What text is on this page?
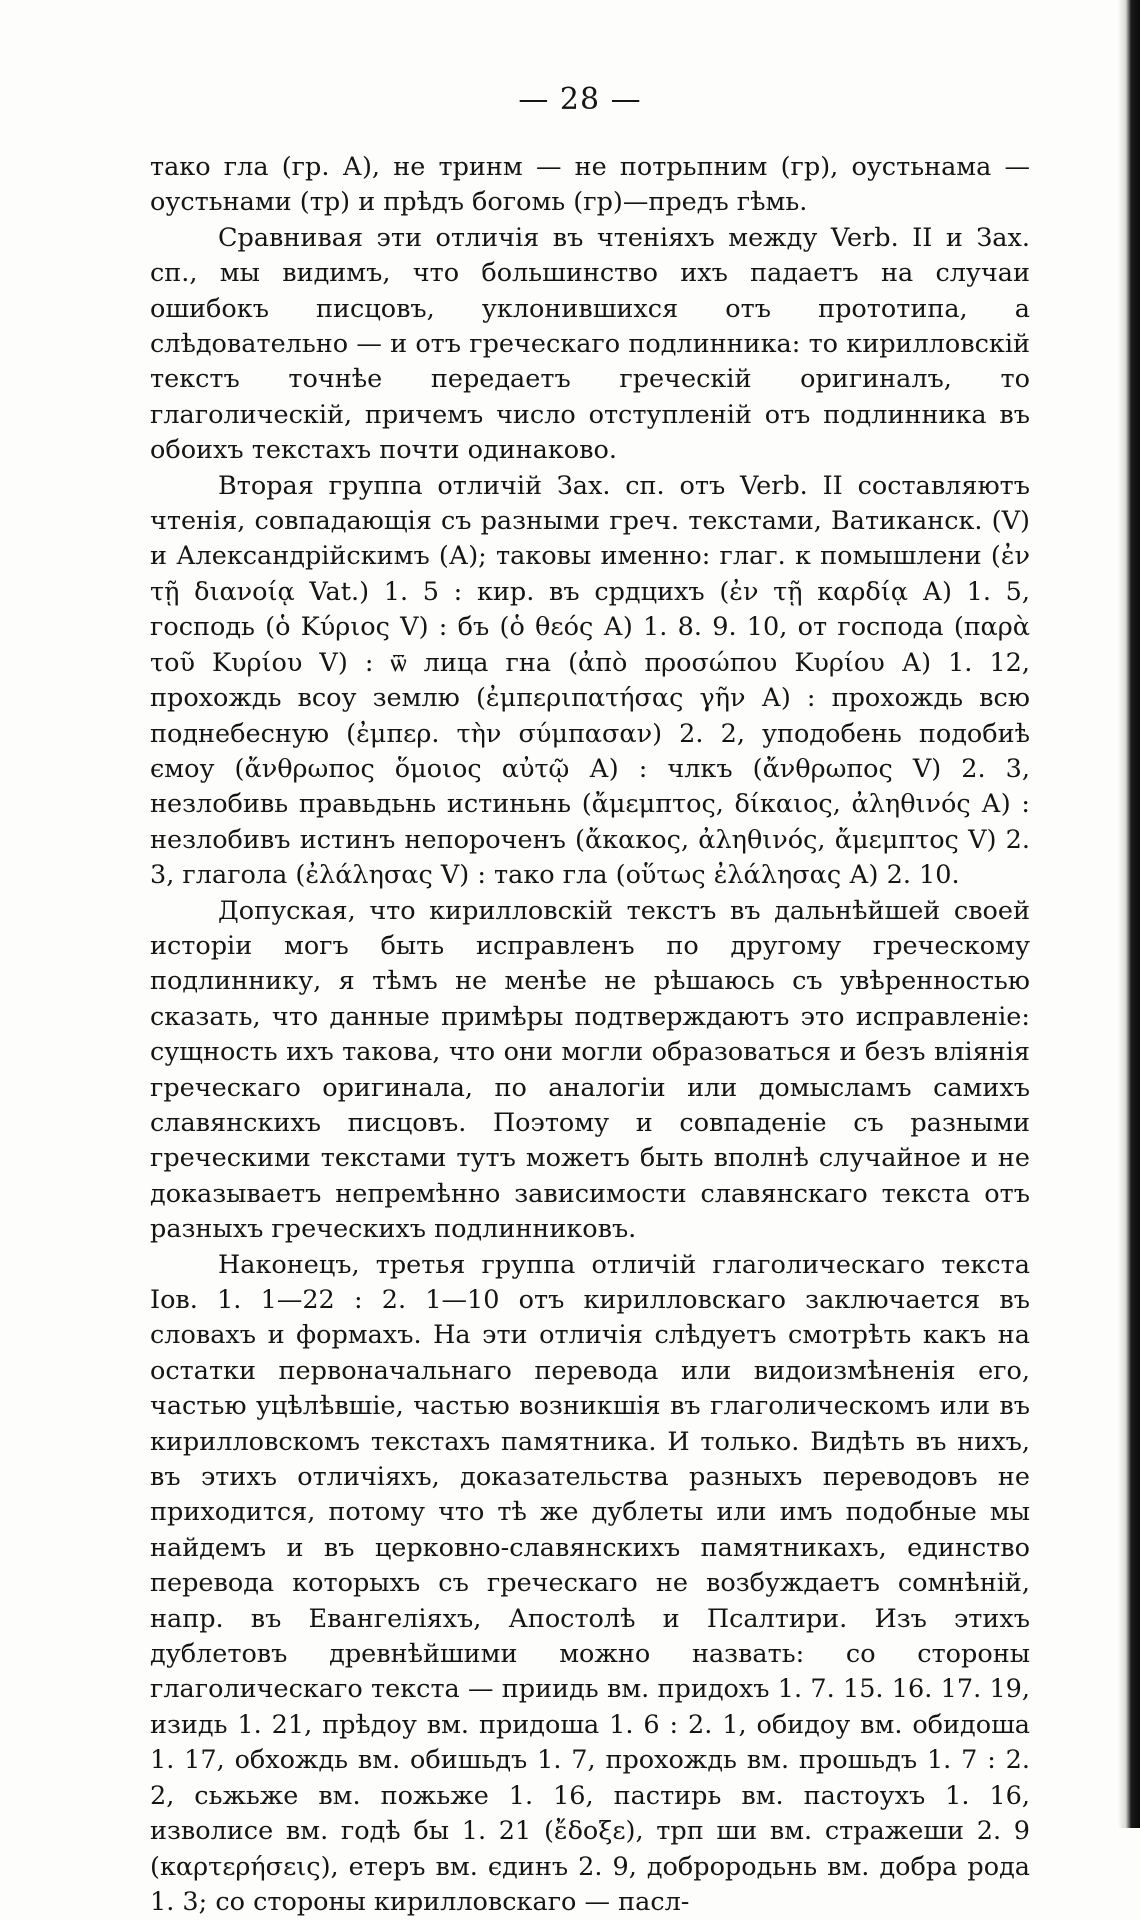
— 28 —

тако гла (гр. А), не тринм — не потрьпним (гр), оустьнама — оустьнами (тр) и прѣдъ богомь (гр)—предъ гѣмь.

Сравнивая эти отличія въ чтеніяхъ между Verb. II и Зах. сп., мы видимъ, что большинство ихъ падаетъ на случаи ошибокъ писцовъ, уклонившихся отъ прототипа, а слѣдовательно — и отъ греческаго подлинника: то кирилловскій текстъ точнѣе передаетъ греческій оригиналъ, то глаголическій, причемъ число отступленій отъ подлинника въ обоихъ текстахъ почти одинаково.

Вторая группа отличій Зах. сп. отъ Verb. II составляютъ чтенія, совпадающія съ разными греч. текстами, Ватиканск. (V) и Александрійскимъ (А); таковы именно: глаг. к помышлени (ἐν τῇ διανοίᾳ Vat.) 1. 5 : кир. въ срдцихъ (ἐν τῇ καρδίᾳ А) 1. 5, господь (ὁ Κύριος V) : бъ (ὁ θεός А) 1. 8. 9. 10, от господа (παρὰ τοῦ Κυρίου V) : ѿ лица гна (ἀπὸ προσώπου Κυρίου А) 1. 12, прохождь всоу землю (ἐμπεριπατήσας γῆν А) : прохождь всю поднебесную (ἐμπερ. τὴν σύμπασαν) 2. 2, уподобень подобиѣ ємоу (ἄνθρωπος ὅμοιος αὐτῷ А) : члкъ (ἄνθρωπος V) 2. 3, незлобивь правьдьнь истиньнь (ἄμεμπτος, δίκαιος, ἀληθινός А) : незлобивъ истинъ непороченъ (ἄκακος, ἀληθινός, ἄμεμπτος V) 2. 3, глагола (ἐλάλησας V) : тако гла (οὕτως ἐλάλησας А) 2. 10.

Допуская, что кирилловскій текстъ въ дальнѣйшей своей исторіи могъ быть исправленъ по другому греческому подлиннику, я тѣмъ не менѣе не рѣшаюсь съ увѣренностью сказать, что данные примѣры подтверждаютъ это исправленіе: сущность ихъ такова, что они могли образоваться и безъ вліянія греческаго оригинала, по аналогіи или домысламъ самихъ славянскихъ писцовъ. Поэтому и совпаденіе съ разными греческими текстами тутъ можетъ быть вполнѣ случайное и не доказываетъ непремѣнно зависимости славянскаго текста отъ разныхъ греческихъ подлинниковъ.

Наконецъ, третья группа отличій глаголическаго текста Іов. 1. 1—22 : 2. 1—10 отъ кирилловскаго заключается въ словахъ и формахъ. На эти отличія слѣдуетъ смотрѣть какъ на остатки первоначальнаго перевода или видоизмѣненія его, частью уцѣлѣвшіе, частью возникшія въ глаголическомъ или въ кирилловскомъ текстахъ памятника. И только. Видѣть въ нихъ, въ этихъ отличіяхъ, доказательства разныхъ переводовъ не приходится, потому что тѣ же дублеты или имъ подобные мы найдемъ и въ церковно-славянскихъ памятникахъ, единство перевода которыхъ съ греческаго не возбуждаетъ сомнѣній, напр. въ Евангеліяхъ, Апостолѣ и Псалтири. Изъ этихъ дублетовъ древнѣйшими можно назвать: со стороны глаголическаго текста — приидь вм. придохъ 1. 7. 15. 16. 17. 19, изидь 1. 21, прѣдоу вм. придоша 1. 6 : 2. 1, обидоу вм. обидоша 1. 17, обхождь вм. обишьдъ 1. 7, прохождь вм. прошьдъ 1. 7 : 2. 2, сьжьже вм. пожьже 1. 16, пастирь вм. пастоухъ 1. 16, изволисе вм. годѣ бы 1. 21 (ἔδοξε), трп ши вм. стражеши 2. 9 (καρτερήσεις), етеръ вм. єдинъ 2. 9, доброродьнь вм. добра рода 1. 3; со стороны кирилловскаго — пасл-
